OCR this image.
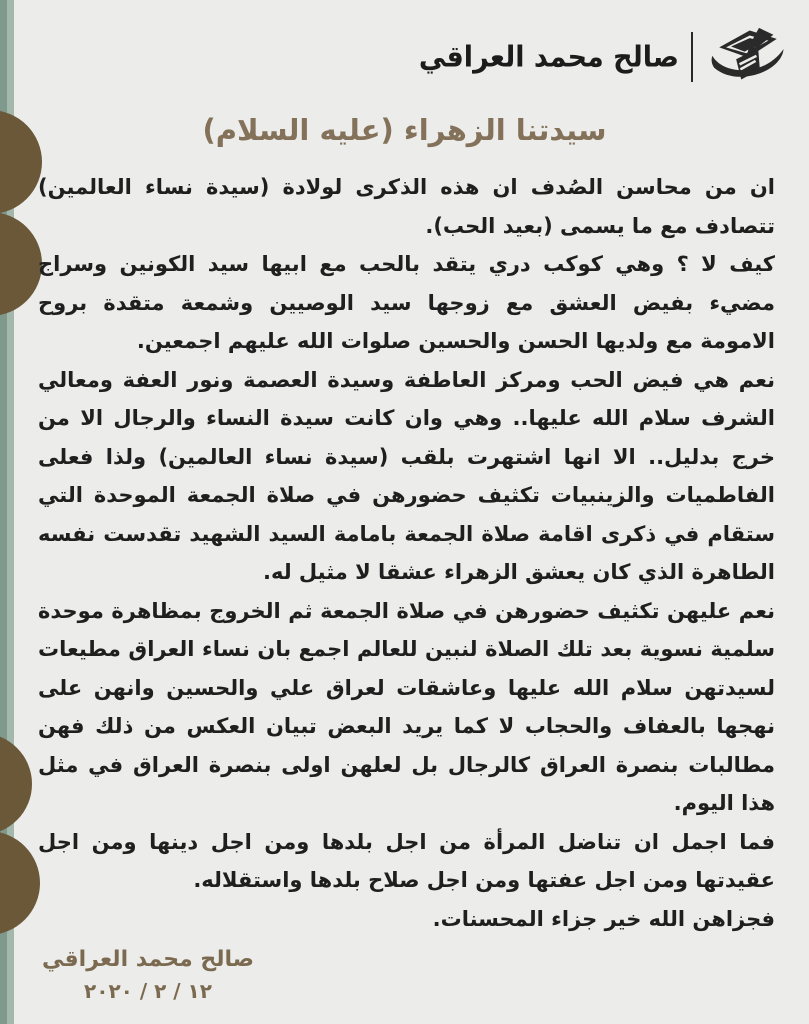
صالح محمد العراقي
سيدتنا الزهراء (عليه السلام)

ان من محاسن الصُدف ان هذه الذكرى لولادة (سيدة نساء العالمين) تتصادف مع ما يسمى (بعيد الحب).

كيف لا ؟ وهي كوكب دري يتقد بالحب مع ابيها سيد الكونين وسراج مضيء بفيض العشق مع زوجها سيد الوصيين وشمعة متقدة بروح الامومة مع ولديها الحسن والحسين صلوات الله عليهم اجمعين.

نعم هي فيض الحب ومركز العاطفة وسيدة العصمة ونور العفة ومعالي الشرف سلام الله عليها.. وهي وان كانت سيدة النساء والرجال الا من خرج بدليل.. الا انها اشتهرت بلقب (سيدة نساء العالمين) ولذا فعلى الفاطميات والزينبيات تكثيف حضورهن في صلاة الجمعة الموحدة التي ستقام في ذكرى اقامة صلاة الجمعة بامامة السيد الشهيد تقدست نفسه الطاهرة الذي كان يعشق الزهراء عشقا لا مثيل له.

نعم عليهن تكثيف حضورهن في صلاة الجمعة ثم الخروج بمظاهرة موحدة سلمية نسوية بعد تلك الصلاة لنبين للعالم اجمع بان نساء العراق مطيعات لسيدتهن سلام الله عليها وعاشقات لعراق علي والحسين وانهن على نهجها بالعفاف والحجاب لا كما يريد البعض تبيان العكس من ذلك فهن مطالبات بنصرة العراق كالرجال بل لعلهن اولى بنصرة العراق في مثل هذا اليوم.

فما اجمل ان تناضل المرأة من اجل بلدها ومن اجل دينها ومن اجل عقيدتها ومن اجل عفتها ومن اجل صلاح بلدها واستقلاله.

فجزاهن الله خير جزاء المحسنات.

صالح محمد العراقي
١٢ / ٢ / ٢٠٢٠
